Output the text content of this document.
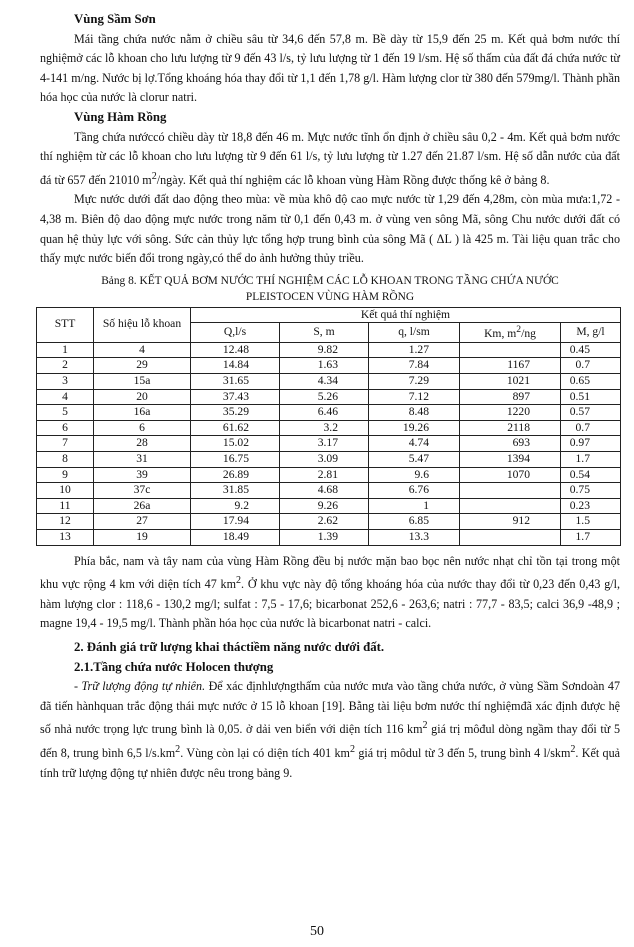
Vùng Sầm Sơn

Mái tầng chứa nước nằm ở chiều sâu từ 34,6 đến 57,8 m. Bề dày từ 15,9 đến 25 m. Kết quả bơm nước thí nghiệmở các lỗ khoan cho lưu lượng từ 9 đến 43 l/s, tỷ lưu lượng từ 1 đến 19 l/sm. Hệ số thấm của đất đá chứa nước từ 4-141 m/ng. Nước bị lợ.Tổng khoáng hóa thay đổi từ 1,1 đến 1,78 g/l. Hàm lượng clor từ 380 đến 579mg/l. Thành phần hóa học của nước là clorur natri.

Vùng Hàm Rồng

Tầng chứa nướccó chiều dày từ 18,8 đến 46 m. Mực nước tĩnh ổn định ở chiều sâu 0,2 - 4m. Kết quả bơm nước thí nghiệm từ các lỗ khoan cho lưu lượng từ 9 đến 61 l/s, tỷ lưu lượng từ 1.27 đến 21.87 l/sm. Hệ số dẫn nước của đất đá từ 657 đến 21010 $m^2$/ngày. Kết quả thí nghiệm các lỗ khoan vùng Hàm Rồng được thống kê ở bảng 8.

Mực nước dưới đất dao động theo mùa: về mùa khô độ cao mực nước từ 1,29 đến 4,28m, còn mùa mưa:1,72 - 4,38 m. Biên độ dao động mực nước trong năm từ 0,1 đến 0,43 m. ở vùng ven sông Mã, sông Chu nước dưới đất có quan hệ thủy lực với sông. Sức cản thủy lực tổng hợp trung bình của sông Mã ( ΔL ) là 425 m. Tài liệu quan trắc cho thấy mực nước biến đổi trong ngày,có thể do ảnh hưởng thủy triều.

Bảng 8. KẾT QUẢ BƠM NƯỚC THÍ NGHIỆM CÁC LỖ KHOAN TRONG TẦNG CHỨA NƯỚC
PLEISTOCEN VÙNG HÀM RỒNG
STT	Số hiệu lỗ khoan	Kết quả thí nghiệm				
		Q,l/s	S, m	q, l/sm	Km, $m^2/ng$	M, g/l
1	4	12.48	9.82	1.27		0.45
2	29	14.84	1.63	7.84	1167	0.7
3	15a	31.65	4.34	7.29	1021	0.65
4	20	37.43	5.26	7.12	897	0.51
5	16a	35.29	6.46	8.48	1220	0.57
6	6	61.62	3.2	19.26	2118	0.7
7	28	15.02	3.17	4.74	693	0.97
8	31	16.75	3.09	5.47	1394	1.7
9	39	26.89	2.81	9.6	1070	0.54
10	37c	31.85	4.68	6.76		0.75
11	26a	9.2	9.26	1		0.23
12	27	17.94	2.62	6.85	912	1.5
13	19	18.49	1.39	13.3		1.7

Phía bắc, nam và tây nam của vùng Hàm Rồng đều bị nước mặn bao bọc nên nước nhạt chỉ tồn tại trong một khu vực rộng 4 km với diện tích 47 $km^2$. Ở khu vực này độ tổng khoáng hóa của nước thay đổi từ 0,23 đến 0,43 g/l, hàm lượng clor : 118,6 - 130,2 mg/l; sulfat : 7,5 - 17,6; bicarbonat 252,6 - 263,6; natri : 77,7 - 83,5; calci 36,9 -48,9 ; magne 19,4 - 19,5 mg/l. Thành phần hóa học của nước là bicarbonat natri - calci.

2. Đánh giá trữ lượng khai tháctiềm năng nước dưới đất.

2.1.Tầng chứa nước Holocen thượng

- Trữ lượng động tự nhiên. Để xác địnhlượngthấm của nước mưa vào tầng chứa nước, ở vùng Sầm Sơndoàn 47 đã tiến hànhquan trắc động thái mực nước ở 15 lỗ khoan [19]. Bằng tài liệu bơm nước thí nghiệmđã xác định được hệ số nhả nước trọng lực trung bình là 0,05. ở dải ven biển với diện tích 116 $km^2$ giá trị môđul dòng ngầm thay đổi từ 5 đến 8, trung bình 6,5 $l/s.km^2$. Vùng còn lại có diện tích 401 $km^2$ giá trị môdul từ 3 đến 5, trung bình 4 l/skm$^2$. Kết quả tính trữ lượng động tự nhiên được nêu trong bảng 9.

50
